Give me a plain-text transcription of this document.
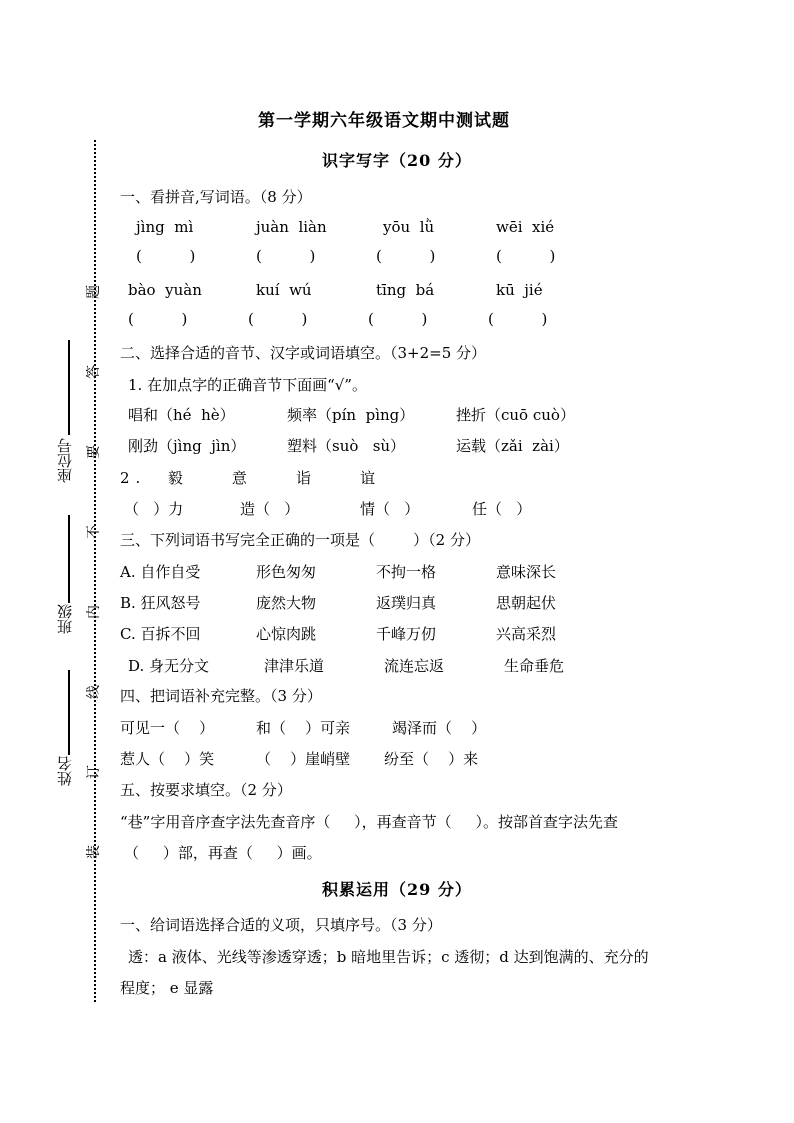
第一学期六年级语文期中测试题
识字写字（20 分）
题
答
要
不
内
线
订
装
座位号
班级
姓名
一、看拼音,写词语。（8 分）
jìng  mì	juàn  liàn	yōu  lǜ	wēi  xié
(          )	(          )	(          )	(          )
bào  yuàn	kuí  wú	tīng  bá	kū  jié
(          )	(          )	(          )	(          )
二、选择合适的音节、汉字或词语填空。（3+2=5 分）
1. 在加点字的正确音节下面画“√”。
唱和（hé  hè）	频率（pín  pìng）	挫折（cuō cuò）
刚劲（jìng  jìn）	塑料（suò   sù）	运载（zǎi  zài）
2.  毅    意    诣    谊
（   ）力	造（   ）	情（   ）	任（   ）
三、下列词语书写完全正确的一项是（        ）（2 分）
A. 自作自受	形色匆匆	不拘一格	意味深长
B. 狂风怒号	庞然大物	返璞归真	思朝起伏
C. 百拆不回	心惊肉跳	千峰万仞	兴高采烈
D. 身无分文	津津乐道	流连忘返	生命垂危
四、把词语补充完整。（3 分）
可见一（    ）	和（    ）可亲	竭泽而（    ）
惹人（    ）笑	（    ）崖峭壁 纷至（    ）来
五、按要求填空。（2 分）
“巷”字用音序查字法先查音序（     ），再查音节（     ）。按部首查字法先查
（     ）部，再查（     ）画。
积累运用（29 分）
一、给词语选择合适的义项，只填序号。（3 分）
透：a 液体、光线等渗透穿透；b 暗地里告诉；c 透彻；d 达到饱满的、充分的
程度； e 显露
